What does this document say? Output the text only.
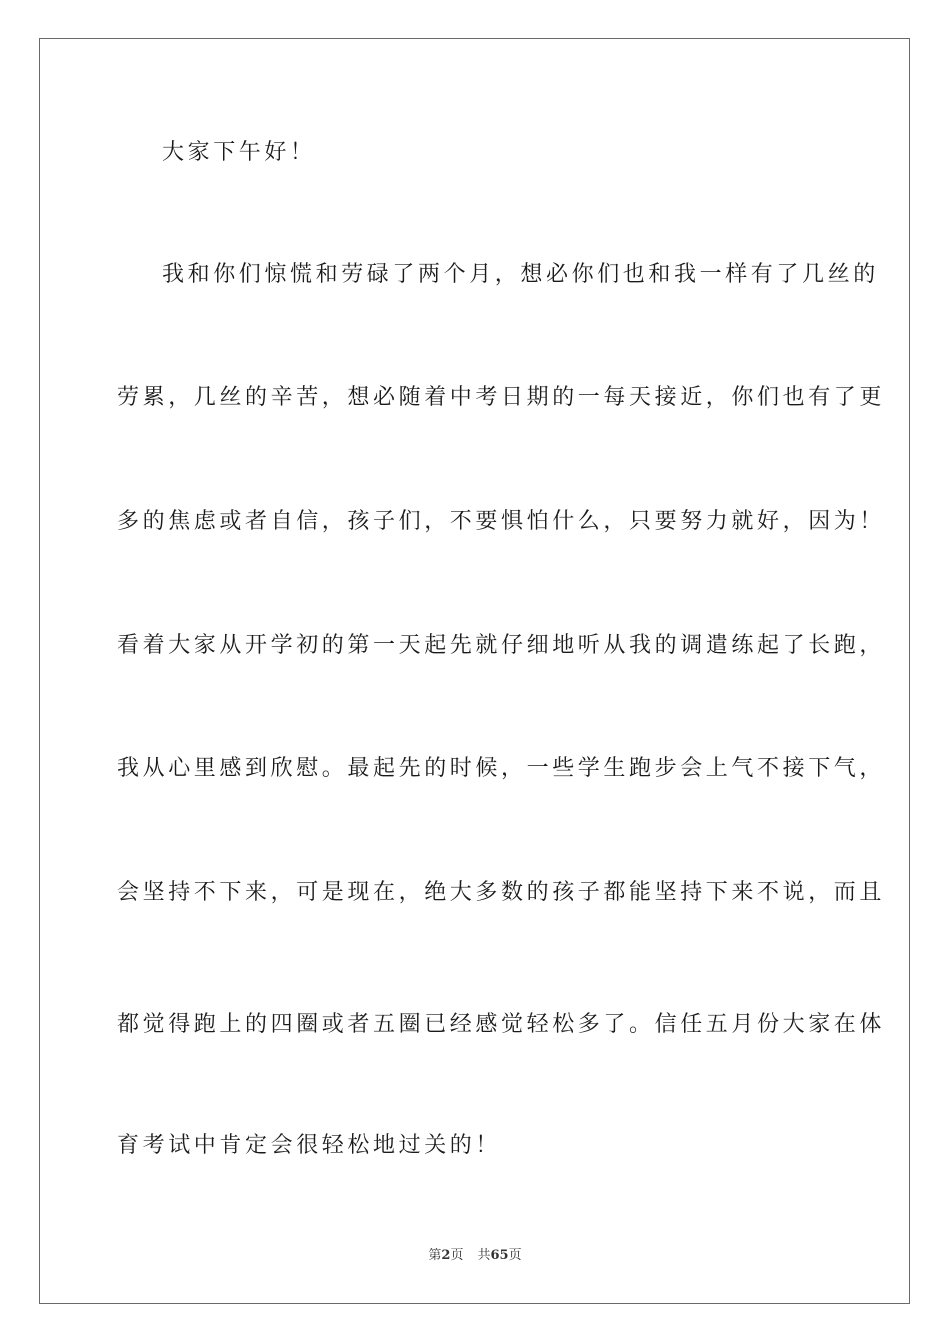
大家下午好！
我和你们惊慌和劳碌了两个月，想必你们也和我一样有了几丝的
劳累，几丝的辛苦，想必随着中考日期的一每天接近，你们也有了更
多的焦虑或者自信，孩子们，不要惧怕什么，只要努力就好，因为！
看着大家从开学初的第一天起先就仔细地听从我的调遣练起了长跑，
我从心里感到欣慰。最起先的时候，一些学生跑步会上气不接下气，
会坚持不下来，可是现在，绝大多数的孩子都能坚持下来不说，而且
都觉得跑上的四圈或者五圈已经感觉轻松多了。信任五月份大家在体
育考试中肯定会很轻松地过关的！
第2页 共65页
